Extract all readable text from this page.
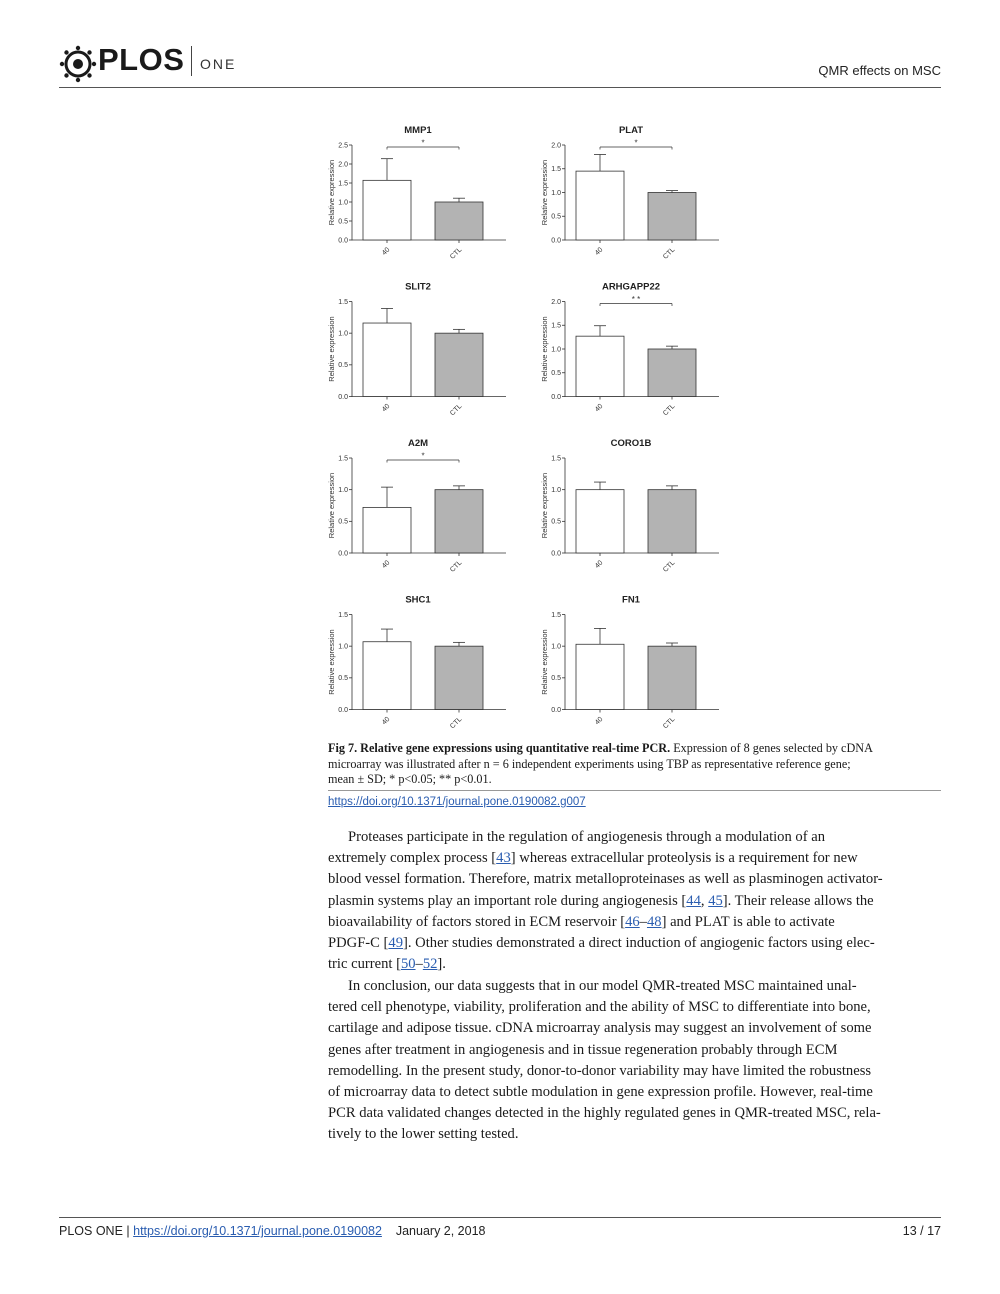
PLOS ONE	QMR effects on MSC
MMP1
Relative expression
0.0
0.5
1.0
1.5
2.0
2.5
40	CTL
*
PLAT
Relative expression
0.0
0.5
1.0
1.5
2.0
40	CTL
*
SLIT2
Relative expression
0.0
0.5
1.0
1.5
40	CTL
ARHGAPP22
Relative expression
0.0
0.5
1.0
1.5
2.0
40	CTL
* *
A2M
Relative expression
0.0
0.5
1.0
1.5
40	CTL
*
CORO1B
Relative expression
0.0
0.5
1.0
1.5
40	CTL
SHC1
Relative expression
0.0
0.5
1.0
1.5
40	CTL
FN1
Relative expression
0.0
0.5
1.0
1.5
40	CTL
Fig 7. Relative gene expressions using quantitative real-time PCR. Expression of 8 genes selected by cDNA
microarray was illustrated after n = 6 independent experiments using TBP as representative reference gene;
mean ± SD; * p<0.05; ** p<0.01.
https://doi.org/10.1371/journal.pone.0190082.g007
Proteases participate in the regulation of angiogenesis through a modulation of an
extremely complex process [43] whereas extracellular proteolysis is a requirement for new
blood vessel formation. Therefore, matrix metalloproteinases as well as plasminogen activator-
plasmin systems play an important role during angiogenesis [44, 45]. Their release allows the
bioavailability of factors stored in ECM reservoir [46–48] and PLAT is able to activate
PDGF-C [49]. Other studies demonstrated a direct induction of angiogenic factors using elec-
tric current [50–52].
In conclusion, our data suggests that in our model QMR-treated MSC maintained unal-
tered cell phenotype, viability, proliferation and the ability of MSC to differentiate into bone,
cartilage and adipose tissue. cDNA microarray analysis may suggest an involvement of some
genes after treatment in angiogenesis and in tissue regeneration probably through ECM
remodelling. In the present study, donor-to-donor variability may have limited the robustness
of microarray data to detect subtle modulation in gene expression profile. However, real-time
PCR data validated changes detected in the highly regulated genes in QMR-treated MSC, rela-
tively to the lower setting tested.
PLOS ONE | https://doi.org/10.1371/journal.pone.0190082 January 2, 2018	13 / 17
